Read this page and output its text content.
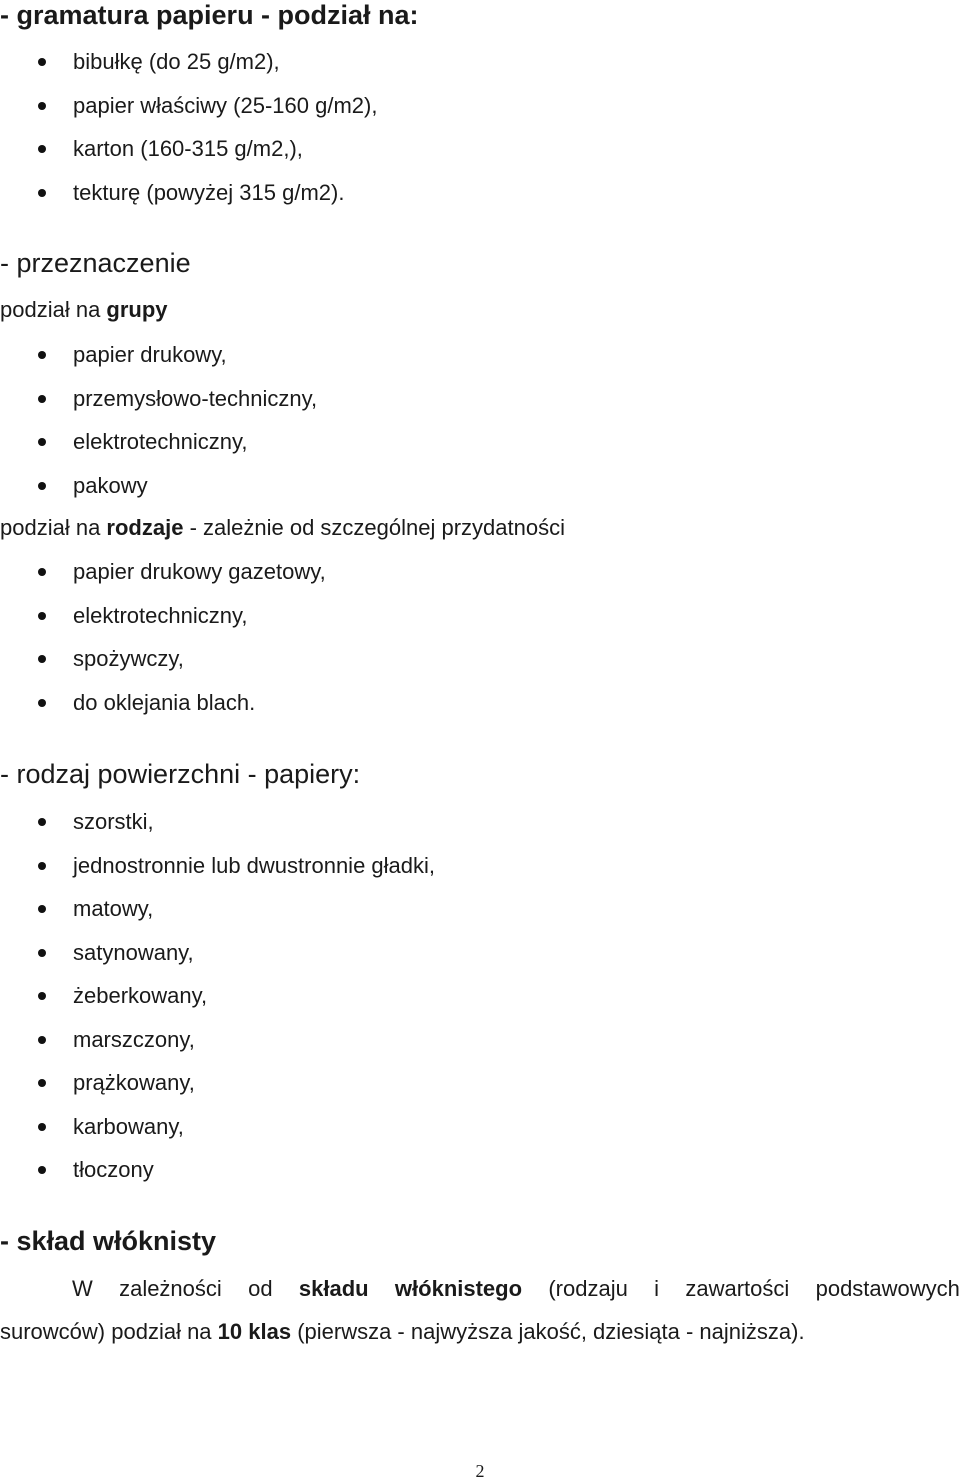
- gramatura papieru - podział na:
bibułkę (do 25 g/m2),
papier właściwy (25-160 g/m2),
karton (160-315 g/m2,),
tekturę (powyżej 315 g/m2).
- przeznaczenie
podział na grupy
papier drukowy,
przemysłowo-techniczny,
elektrotechniczny,
pakowy
podział na rodzaje - zależnie od szczególnej przydatności
papier drukowy gazetowy,
elektrotechniczny,
spożywczy,
do oklejania blach.
- rodzaj powierzchni - papiery:
szorstki,
jednostronnie lub dwustronnie gładki,
matowy,
satynowany,
żeberkowany,
marszczony,
prążkowany,
karbowany,
tłoczony
- skład włóknisty
W zależności od składu włóknistego (rodzaju i zawartości podstawowych
surowców) podział na 10 klas (pierwsza - najwyższa jakość, dziesiąta - najniższa).
2
